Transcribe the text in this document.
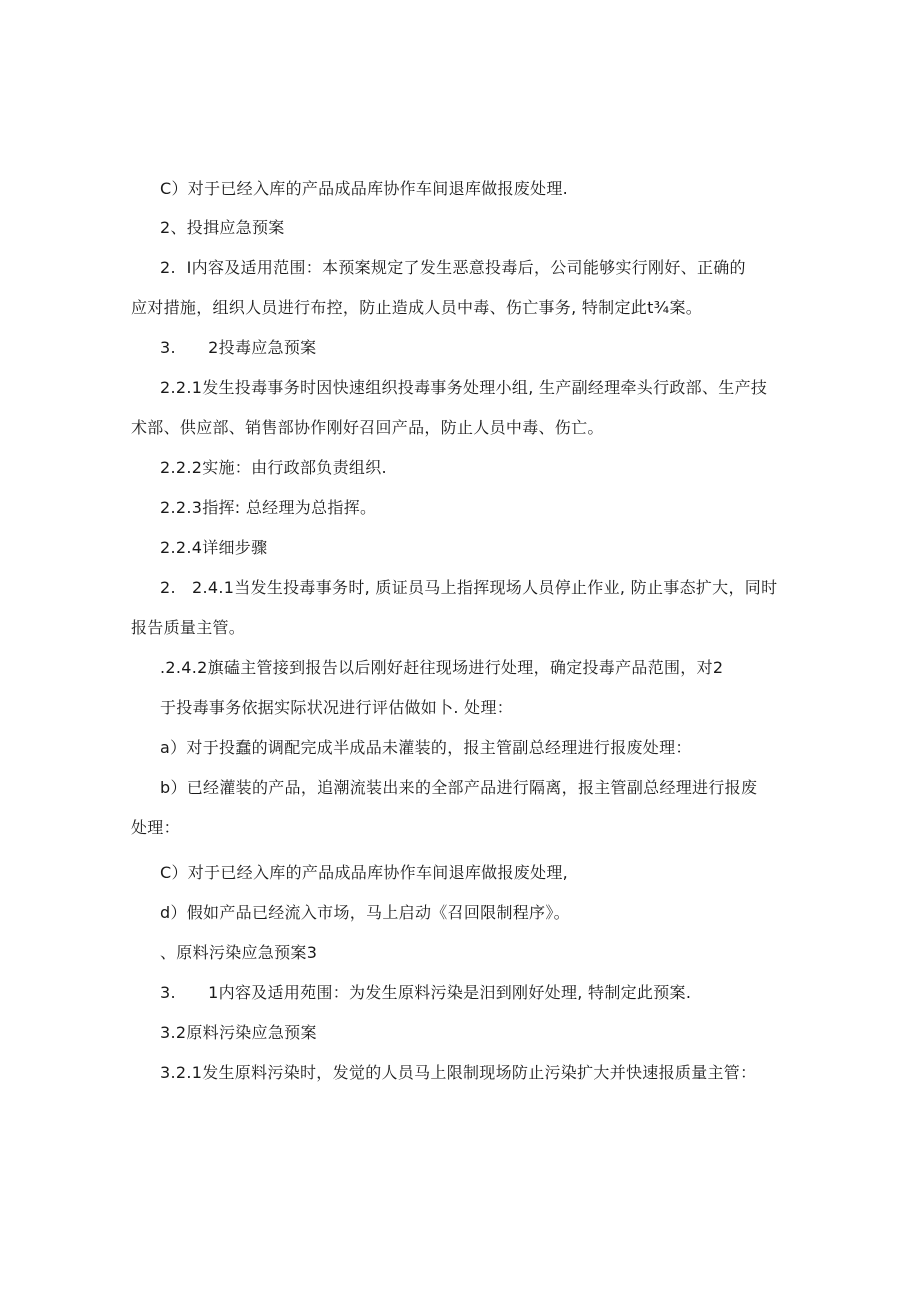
C）对于已经入库的产品成品库协作车间退库做报废处理.
2、投揖应急预案
2.  I内容及适用范围：本预案规定了发生恶意投毒后，公司能够实行刚好、正确的
应对措施，组织人员进行布控，防止造成人员中毒、伤亡事务, 特制定此t¾案。
3.      2投毒应急预案
2.2.1发生投毒事务时因快速组织投毒事务处理小组, 生产副经理牵头行政部、生产技
术部、供应部、销售部协作刚好召回产品，防止人员中毒、伤亡。
2.2.2实施：由行政部负责组织.
2.2.3指挥: 总经理为总指挥。
2.2.4详细步骤
2.   2.4.1当发生投毒事务时, 质证员马上指挥现场人员停止作业, 防止事态扩大，同时
报告质量主管。
.2.4.2旗磕主管接到报告以后刚好赶往现场进行处理，确定投毒产品范围，对2
于投毒事务依据实际状况进行评估做如卜. 处理：
a）对于投蠢的调配完成半成品未灌装的，报主管副总经理进行报废处理：
b）已经灌装的产品，追潮流装出来的全部产品进行隔离，报主管副总经理进行报废
处理：
C）对于已经入库的产品成品库协作车间退库做报废处理,
d）假如产品已经流入市场，马上启动《召回限制程序》。
、原料污染应急预案3
3.      1内容及适用苑围：为发生原料污染是汨到刚好处理, 特制定此预案.
3.2原料污染应急预案
3.2.1发生原料污染时，发觉的人员马上限制现场防止污染扩大并快速报质量主管：
